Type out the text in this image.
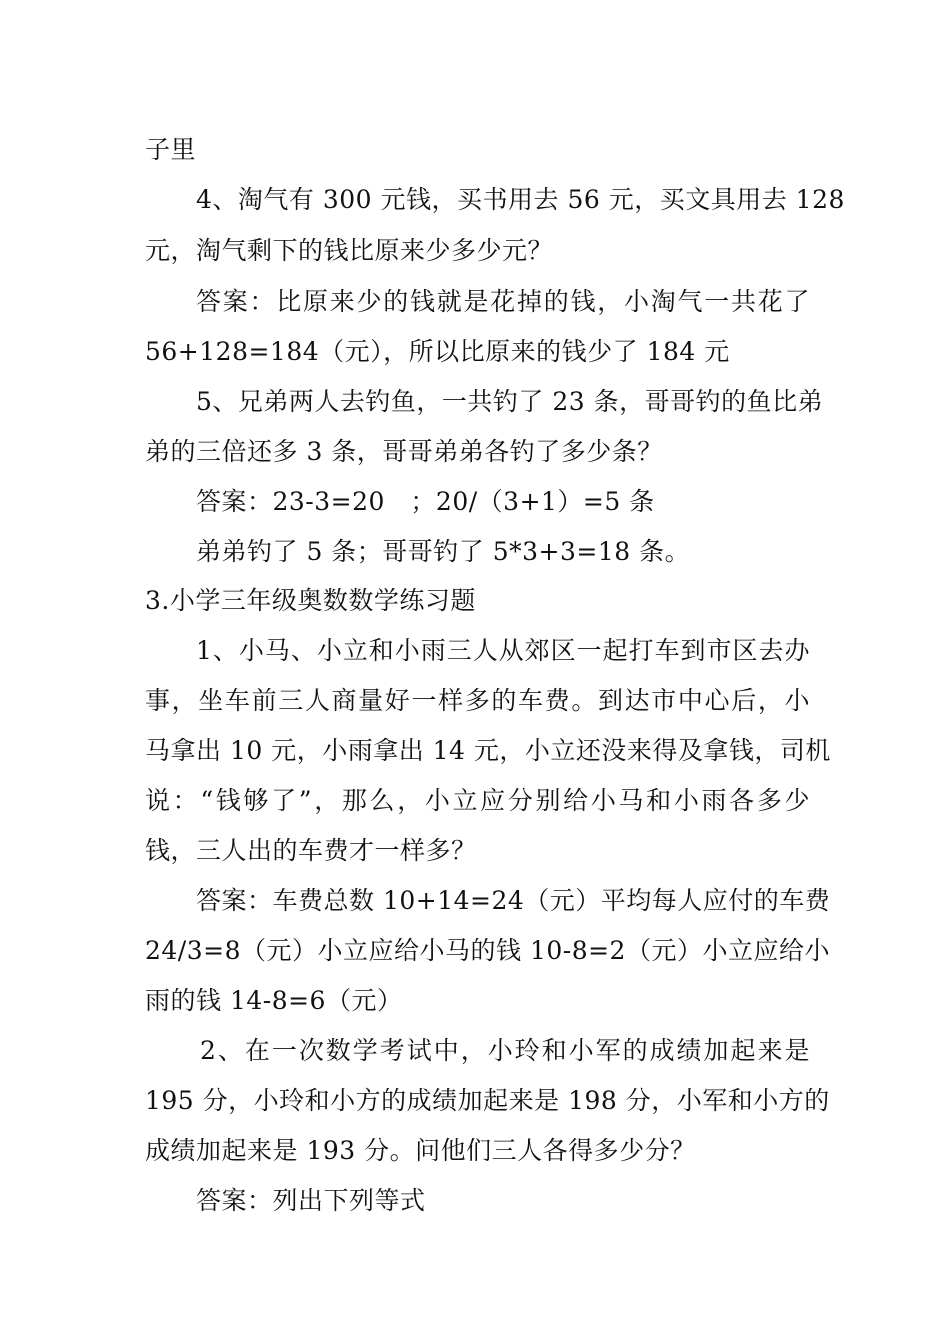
子里
4、淘气有 300 元钱，买书用去 56 元，买文具用去 128
元，淘气剩下的钱比原来少多少元？
答案：比原来少的钱就是花掉的钱，小淘气一共花了
56+128=184（元），所以比原来的钱少了 184 元
5、兄弟两人去钓鱼，一共钓了 23 条，哥哥钓的鱼比弟
弟的三倍还多 3 条，哥哥弟弟各钓了多少条？
答案：23-3=20　；20/（3+1）=5 条
弟弟钓了 5 条；哥哥钓了 5*3+3=18 条。
3.小学三年级奥数数学练习题
1、小马、小立和小雨三人从郊区一起打车到市区去办
事，坐车前三人商量好一样多的车费。到达市中心后，小
马拿出 10 元，小雨拿出 14 元，小立还没来得及拿钱，司机
说：“钱够了”，那么，小立应分别给小马和小雨各多少
钱，三人出的车费才一样多？
答案：车费总数 10+14=24（元）平均每人应付的车费
24/3=8（元）小立应给小马的钱 10-8=2（元）小立应给小
雨的钱 14-8=6（元）
2、在一次数学考试中，小玲和小军的成绩加起来是
195 分，小玲和小方的成绩加起来是 198 分，小军和小方的
成绩加起来是 193 分。问他们三人各得多少分？
答案：列出下列等式
